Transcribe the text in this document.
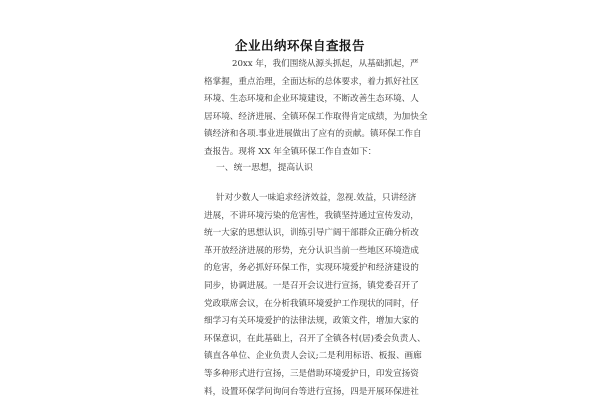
企业出纳环保自查报告
20xx 年，我们围绕从源头抓起，从基础抓起，严
格掌握，重点治理，全面达标的总体要求，着力抓好社区
环境、生态环境和企业环境建设，不断改善生态环境、人
居环境、经济进展、全镇环保工作取得肯定成绩，为加快全
镇经济和各项.事业进展做出了应有的贡献。镇环保工作自
查报告。现将 XX 年全镇环保工作自查如下：
一、统一思想，提高认识
针对少数人一味追求经济效益，忽视.效益，只讲经济
进展，不讲环境污染的危害性，我镇坚持通过宣传发动，
统一大家的思想认识，训练引导广阔干部群众正确分析改
革开放经济进展的形势，充分认识当前一些地区环境造成
的危害，务必抓好环保工作，实现环境爱护和经济建设的
同步，协调进展。一是召开会议进行宣扬，镇党委召开了
党政联席会议，在分析我镇环境爱护工作现状的同时，仔
细学习有关环境爱护的法律法规，政策文件，增加大家的
环保意识，在此基础上，召开了全镇各村(居)委会负责人、
镇直各单位、企业负责人会议;二是利用标语、板报、画廊
等多种形式进行宣扬，三是借助环境爱护日，印发宣扬资
料，设置环保学问询问台等进行宣扬，四是开展环保进社
